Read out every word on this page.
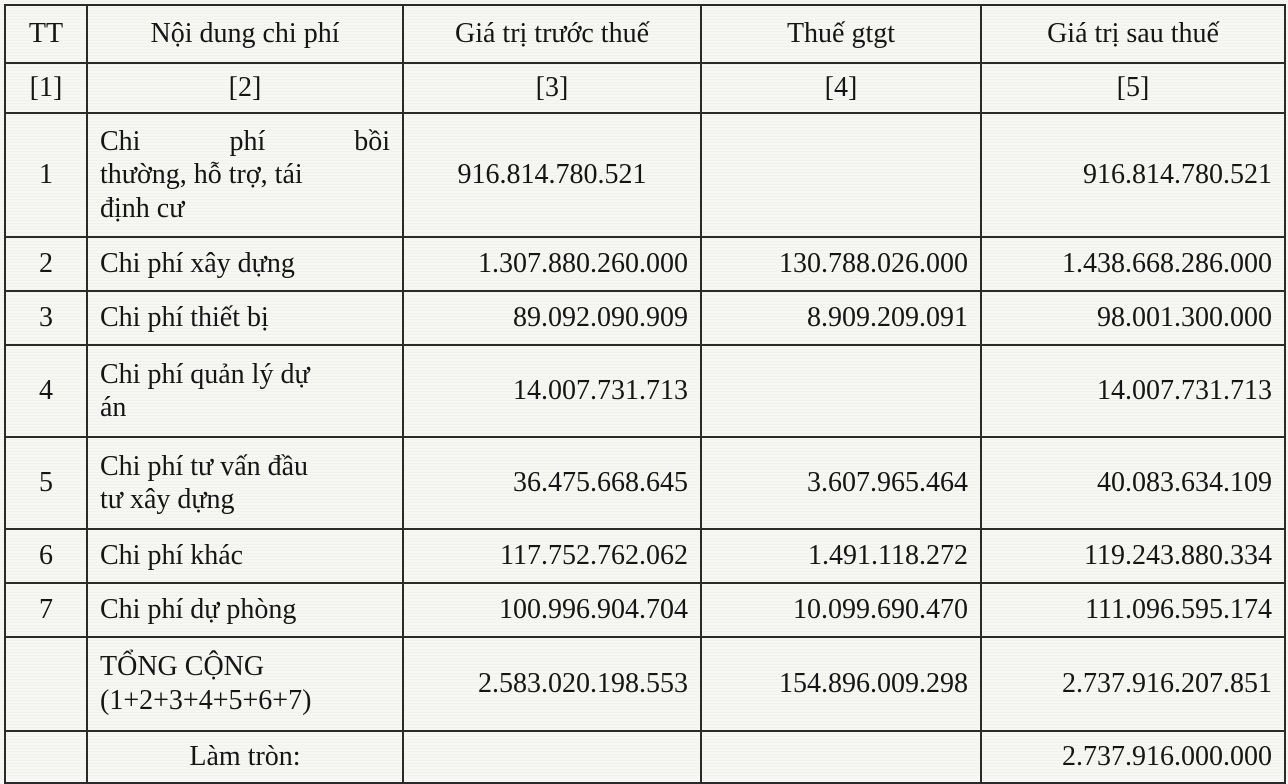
TT	Nội dung chi phí	Giá trị trước thuế	Thuế gtgt	Giá trị sau thuế
[1]	[2]	[3]	[4]	[5]
1	Chi phí bồi
thường, hỗ trợ, tái
định cư	916.814.780.521		916.814.780.521
2	Chi phí xây dựng	1.307.880.260.000	130.788.026.000	1.438.668.286.000
3	Chi phí thiết bị	89.092.090.909	8.909.209.091	98.001.300.000
4	Chi phí quản lý dự
án	14.007.731.713		14.007.731.713
5	Chi phí tư vấn đầu
tư xây dựng	36.475.668.645	3.607.965.464	40.083.634.109
6	Chi phí khác	117.752.762.062	1.491.118.272	119.243.880.334
7	Chi phí dự phòng	100.996.904.704	10.099.690.470	111.096.595.174

	TỔNG CỘNG
(1+2+3+4+5+6+7)	2.583.020.198.553	154.896.009.298	2.737.916.207.851
	Làm tròn:			2.737.916.000.000
